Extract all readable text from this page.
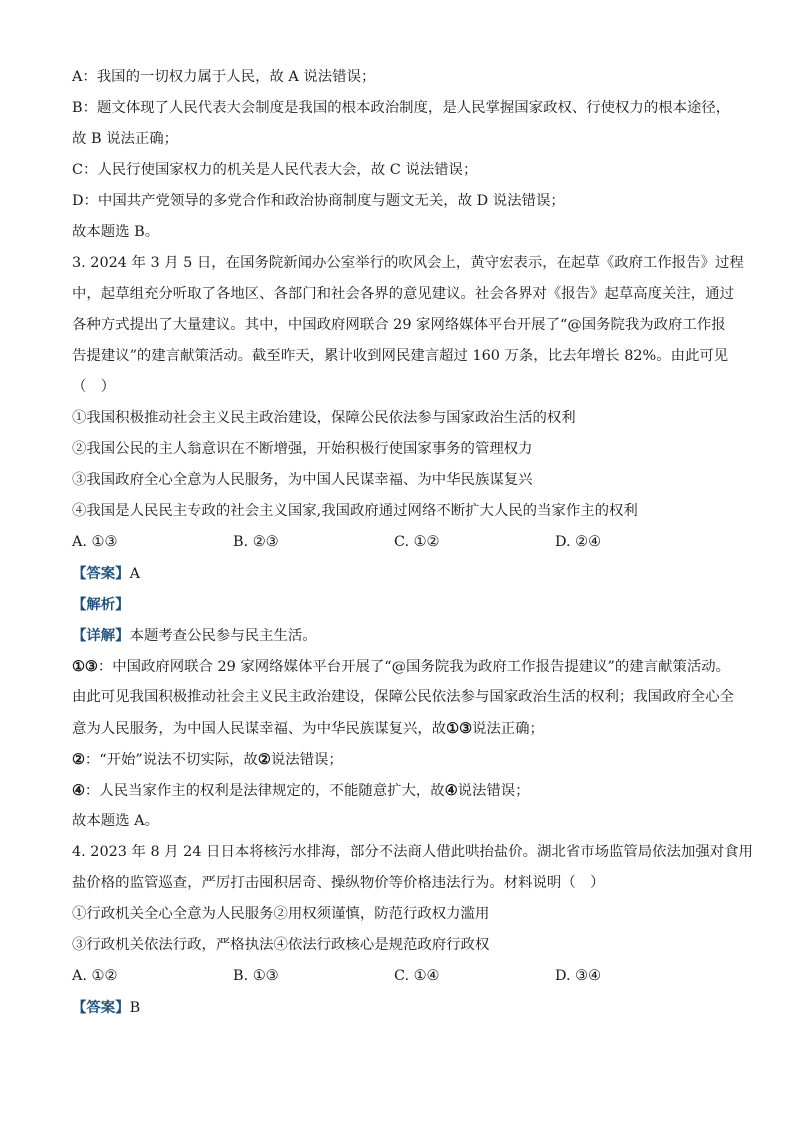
A：我国的一切权力属于人民，故 A 说法错误；
B：题文体现了人民代表大会制度是我国的根本政治制度，是人民掌握国家政权、行使权力的根本途径，
故 B 说法正确；
C：人民行使国家权力的机关是人民代表大会，故 C 说法错误；
D：中国共产党领导的多党合作和政治协商制度与题文无关，故 D 说法错误；
故本题选 B。
3. 2024 年 3 月 5 日，在国务院新闻办公室举行的吹风会上，黄守宏表示，在起草《政府工作报告》过程
中，起草组充分听取了各地区、各部门和社会各界的意见建议。社会各界对《报告》起草高度关注，通过
各种方式提出了大量建议。其中，中国政府网联合 29 家网络媒体平台开展了“@国务院我为政府工作报
告提建议”的建言献策活动。截至昨天，累计收到网民建言超过 160 万条，比去年增长 82%。由此可见
（　）
①我国积极推动社会主义民主政治建设，保障公民依法参与国家政治生活的权利
②我国公民的主人翁意识在不断增强，开始积极行使国家事务的管理权力
③我国政府全心全意为人民服务，为中国人民谋幸福、为中华民族谋复兴
④我国是人民民主专政的社会主义国家,我国政府通过网络不断扩大人民的当家作主的权利
A. ①③	B. ②③	C. ①②	D. ②④
【答案】A
【解析】
【详解】本题考查公民参与民主生活。
①③：中国政府网联合 29 家网络媒体平台开展了“@国务院我为政府工作报告提建议”的建言献策活动。
由此可见我国积极推动社会主义民主政治建设，保障公民依法参与国家政治生活的权利；我国政府全心全
意为人民服务，为中国人民谋幸福、为中华民族谋复兴，故①③说法正确；
②：“开始”说法不切实际，故②说法错误；
④：人民当家作主的权利是法律规定的，不能随意扩大，故④说法错误；
故本题选 A。
4. 2023 年 8 月 24 日日本将核污水排海，部分不法商人借此哄抬盐价。湖北省市场监管局依法加强对食用
盐价格的监管巡查，严厉打击囤积居奇、操纵物价等价格违法行为。材料说明（　）
①行政机关全心全意为人民服务②用权须谨慎，防范行政权力滥用
③行政机关依法行政，严格执法④依法行政核心是规范政府行政权
A. ①②	B. ①③	C. ①④	D. ③④
【答案】B
